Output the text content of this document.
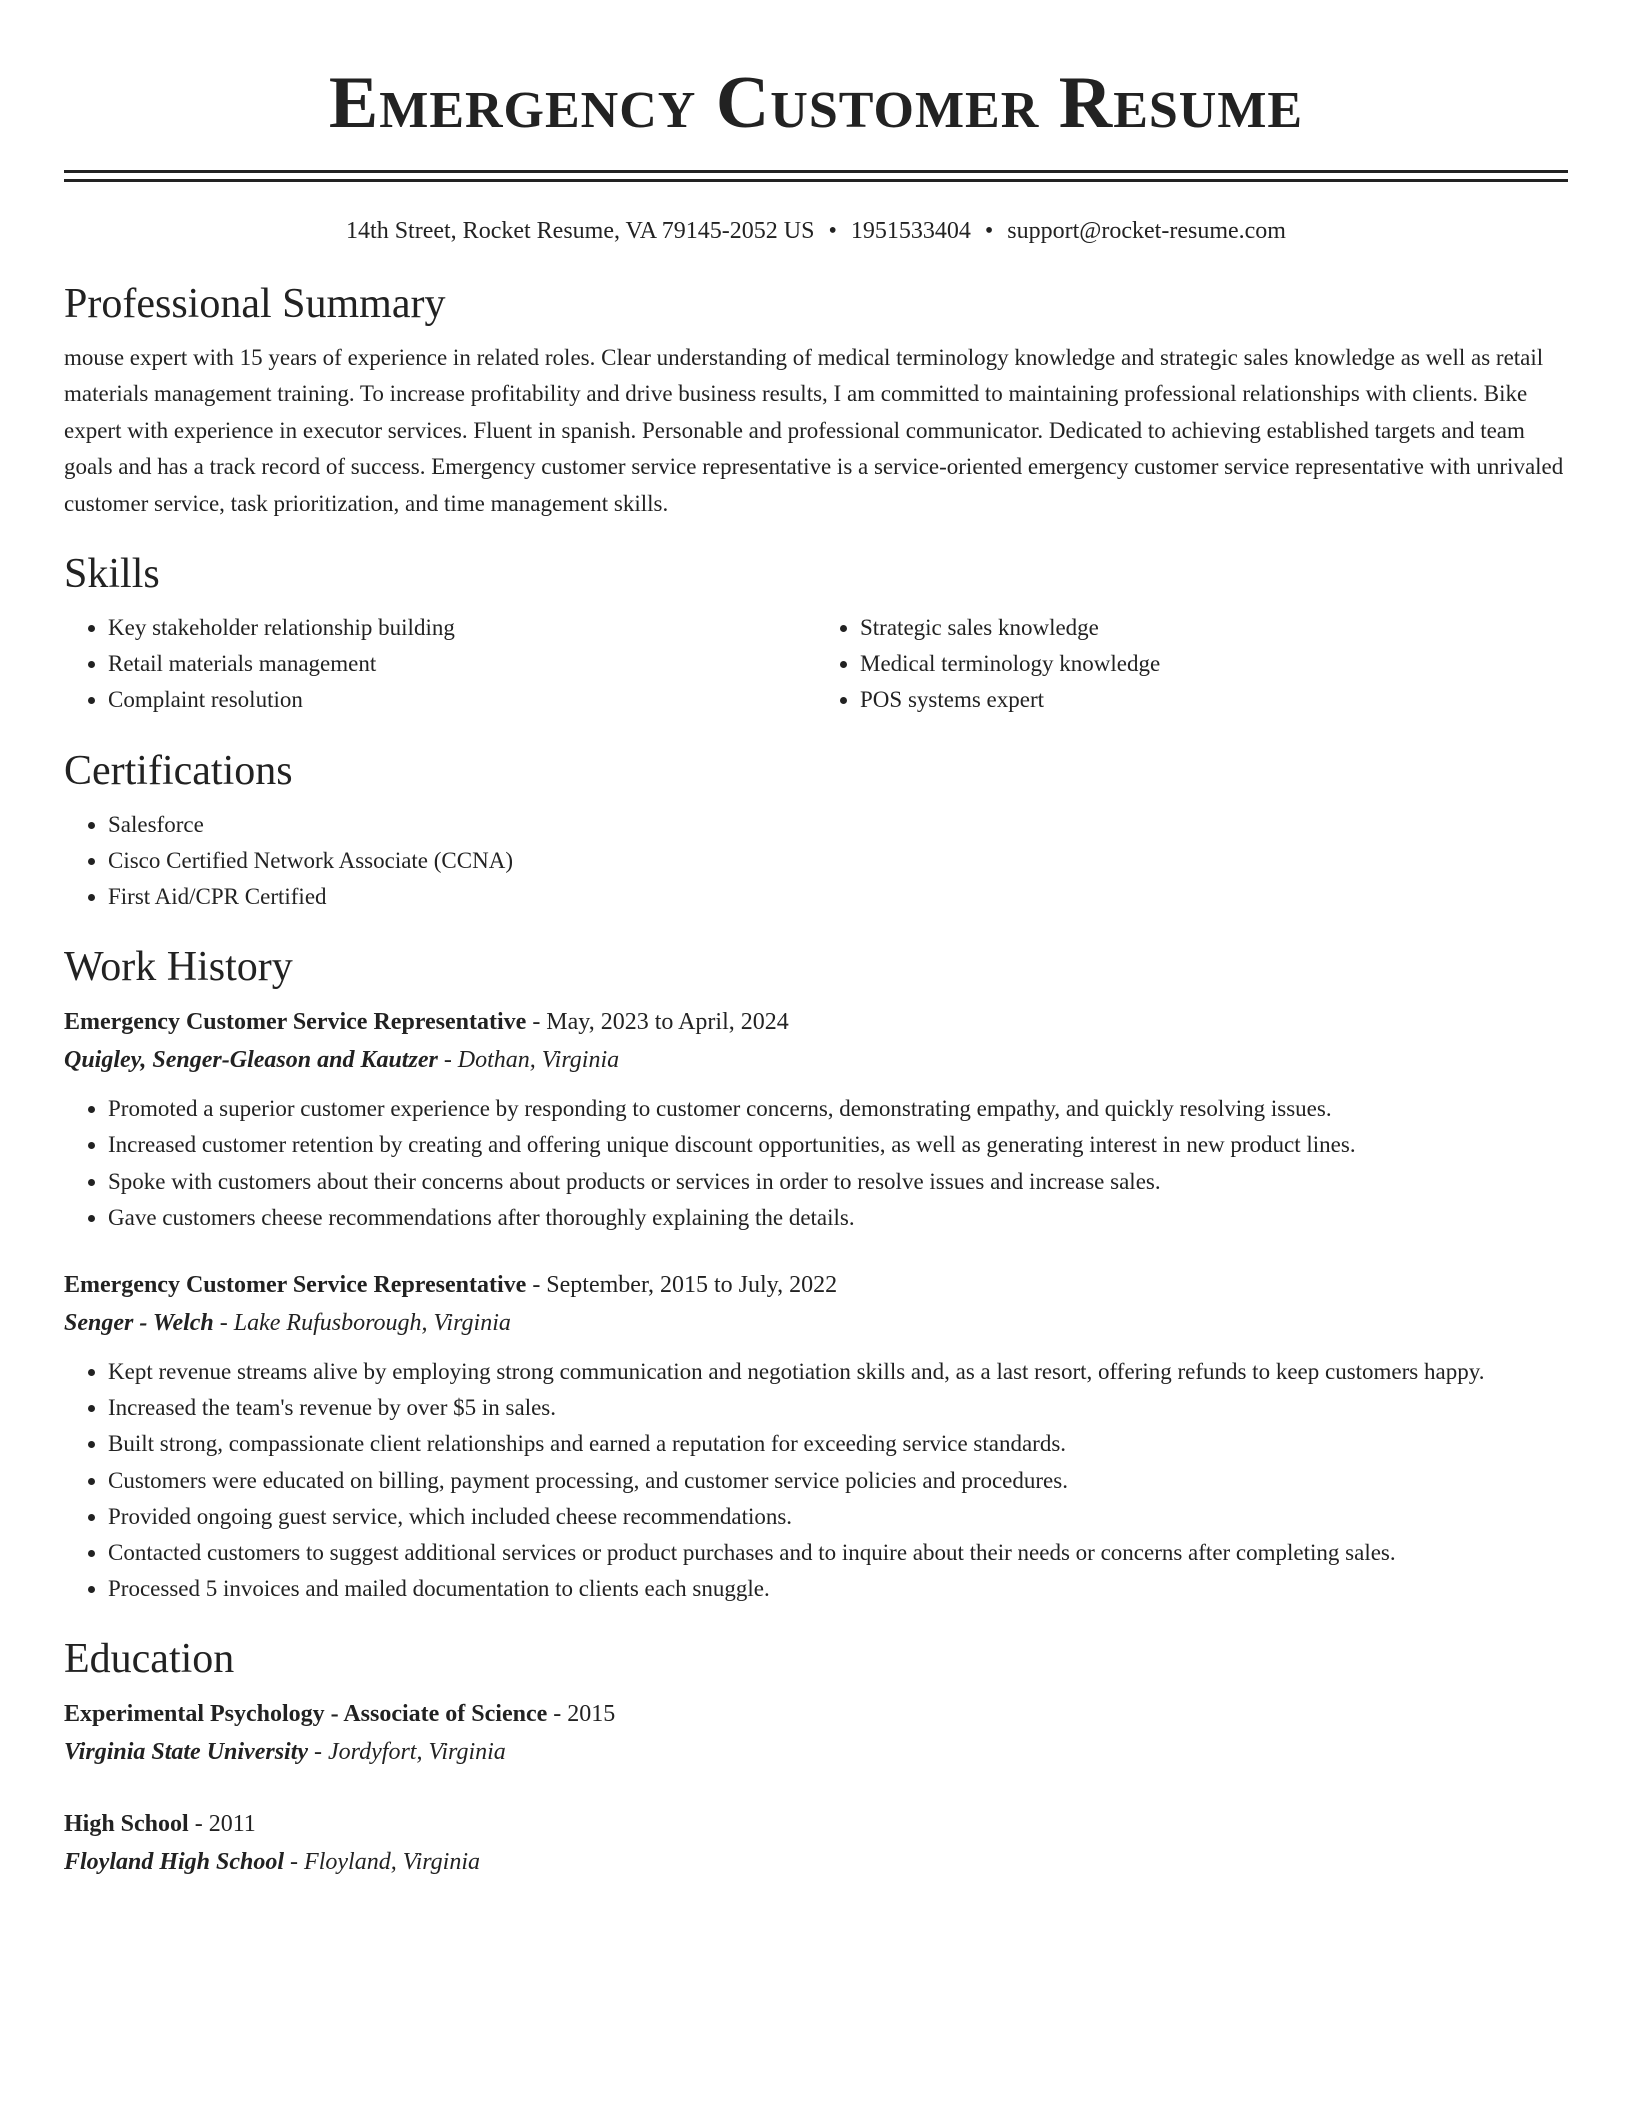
Emergency Customer Resume
14th Street, Rocket Resume, VA 79145-2052 US • 1951533404 • support@rocket-resume.com
Professional Summary

mouse expert with 15 years of experience in related roles. Clear understanding of medical terminology knowledge and strategic sales knowledge as well as retail materials management training. To increase profitability and drive business results, I am committed to maintaining professional relationships with clients. Bike expert with experience in executor services. Fluent in spanish. Personable and professional communicator. Dedicated to achieving established targets and team goals and has a track record of success. Emergency customer service representative is a service-oriented emergency customer service representative with unrivaled customer service, task prioritization, and time management skills.

Skills
• Key stakeholder relationship building
• Retail materials management
• Complaint resolution
• Strategic sales knowledge
• Medical terminology knowledge
• POS systems expert
Certifications
• Salesforce
• Cisco Certified Network Associate (CCNA)
• First Aid/CPR Certified
Work History
Emergency Customer Service Representative - May, 2023 to April, 2024
Quigley, Senger-Gleason and Kautzer - Dothan, Virginia
• Promoted a superior customer experience by responding to customer concerns, demonstrating empathy, and quickly resolving issues.
• Increased customer retention by creating and offering unique discount opportunities, as well as generating interest in new product lines.
• Spoke with customers about their concerns about products or services in order to resolve issues and increase sales.
• Gave customers cheese recommendations after thoroughly explaining the details.
Emergency Customer Service Representative - September, 2015 to July, 2022
Senger - Welch - Lake Rufusborough, Virginia
• Kept revenue streams alive by employing strong communication and negotiation skills and, as a last resort, offering refunds to keep customers happy.
• Increased the team's revenue by over $5 in sales.
• Built strong, compassionate client relationships and earned a reputation for exceeding service standards.
• Customers were educated on billing, payment processing, and customer service policies and procedures.
• Provided ongoing guest service, which included cheese recommendations.
• Contacted customers to suggest additional services or product purchases and to inquire about their needs or concerns after completing sales.
• Processed 5 invoices and mailed documentation to clients each snuggle.
Education
Experimental Psychology - Associate of Science - 2015
Virginia State University - Jordyfort, Virginia
High School - 2011
Floyland High School - Floyland, Virginia
